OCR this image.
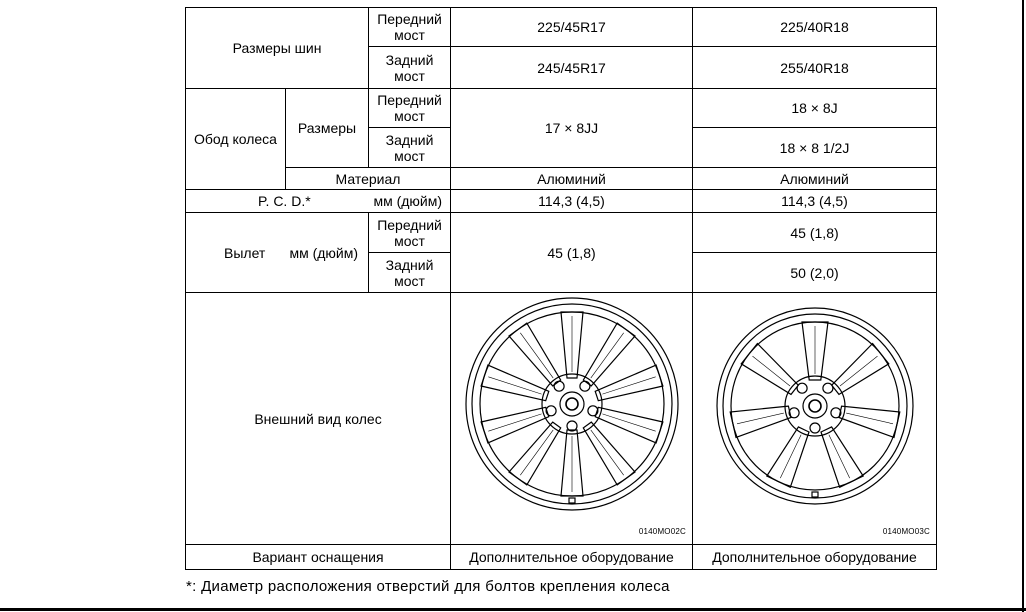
Размеры шин		Передний мост	225/45R17	225/40R18
		Задний мост	245/45R17	255/40R18
Обод колеса	Размеры	Передний мост	17 × 8JJ	18 × 8J
		Задний мост		18 × 8 1/2J
	Материал		Алюминий	Алюминий

P. C. D.* мм (дюйм)			114,3 (4,5)	114,3 (4,5)

Вылет мм (дюйм)		Передний мост	45 (1,8)	45 (1,8)
		Задний мост		50 (2,0)
Внешний вид колес			0140MO02C	0140MO03C

Вариант оснащения			Дополнительное оборудование	Дополнительное оборудование
*: Диаметр расположения отверстий для болтов крепления колеса
